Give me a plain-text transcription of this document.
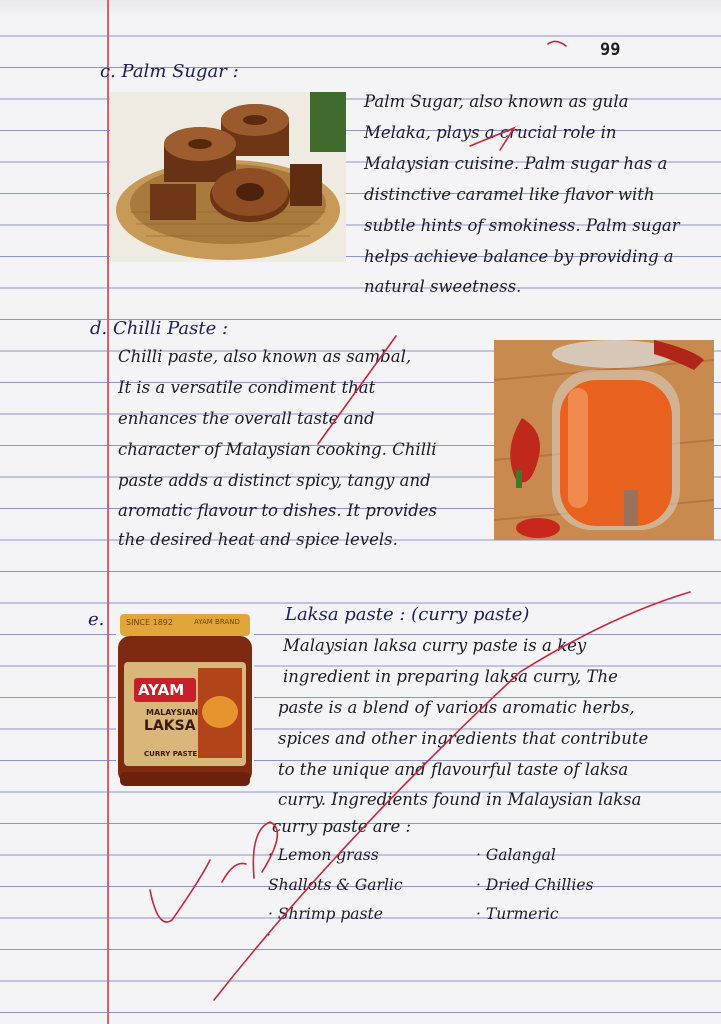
99
c. Palm Sugar :
Palm Sugar, also known as gula
Melaka, plays a crucial role in
Malaysian cuisine. Palm sugar has a
distinctive caramel like flavor with
subtle hints of smokiness. Palm sugar
helps achieve balance by providing a
natural sweetness.
d. Chilli Paste :
Chilli paste, also known as sambal,
It is a versatile condiment that
enhances the overall taste and
character of Malaysian cooking. Chilli
paste adds a distinct spicy, tangy and
aromatic flavour to dishes. It provides
the desired heat and spice levels.
e.	SINCE 1892	AYAM BRAND
AYAM
MALAYSIAN
LAKSA
CURRY PASTE
Laksa paste : (curry paste)
Malaysian laksa curry paste is a key
ingredient in preparing laksa curry, The
paste is a blend of various aromatic herbs,
spices and other ingredients that contribute
to the unique and flavourful taste of laksa
curry. Ingredients found in Malaysian laksa
curry paste are :
· Lemon grass
Shallots & Garlic
· Shrimp paste
·
· Galangal
· Dried Chillies
· Turmeric
